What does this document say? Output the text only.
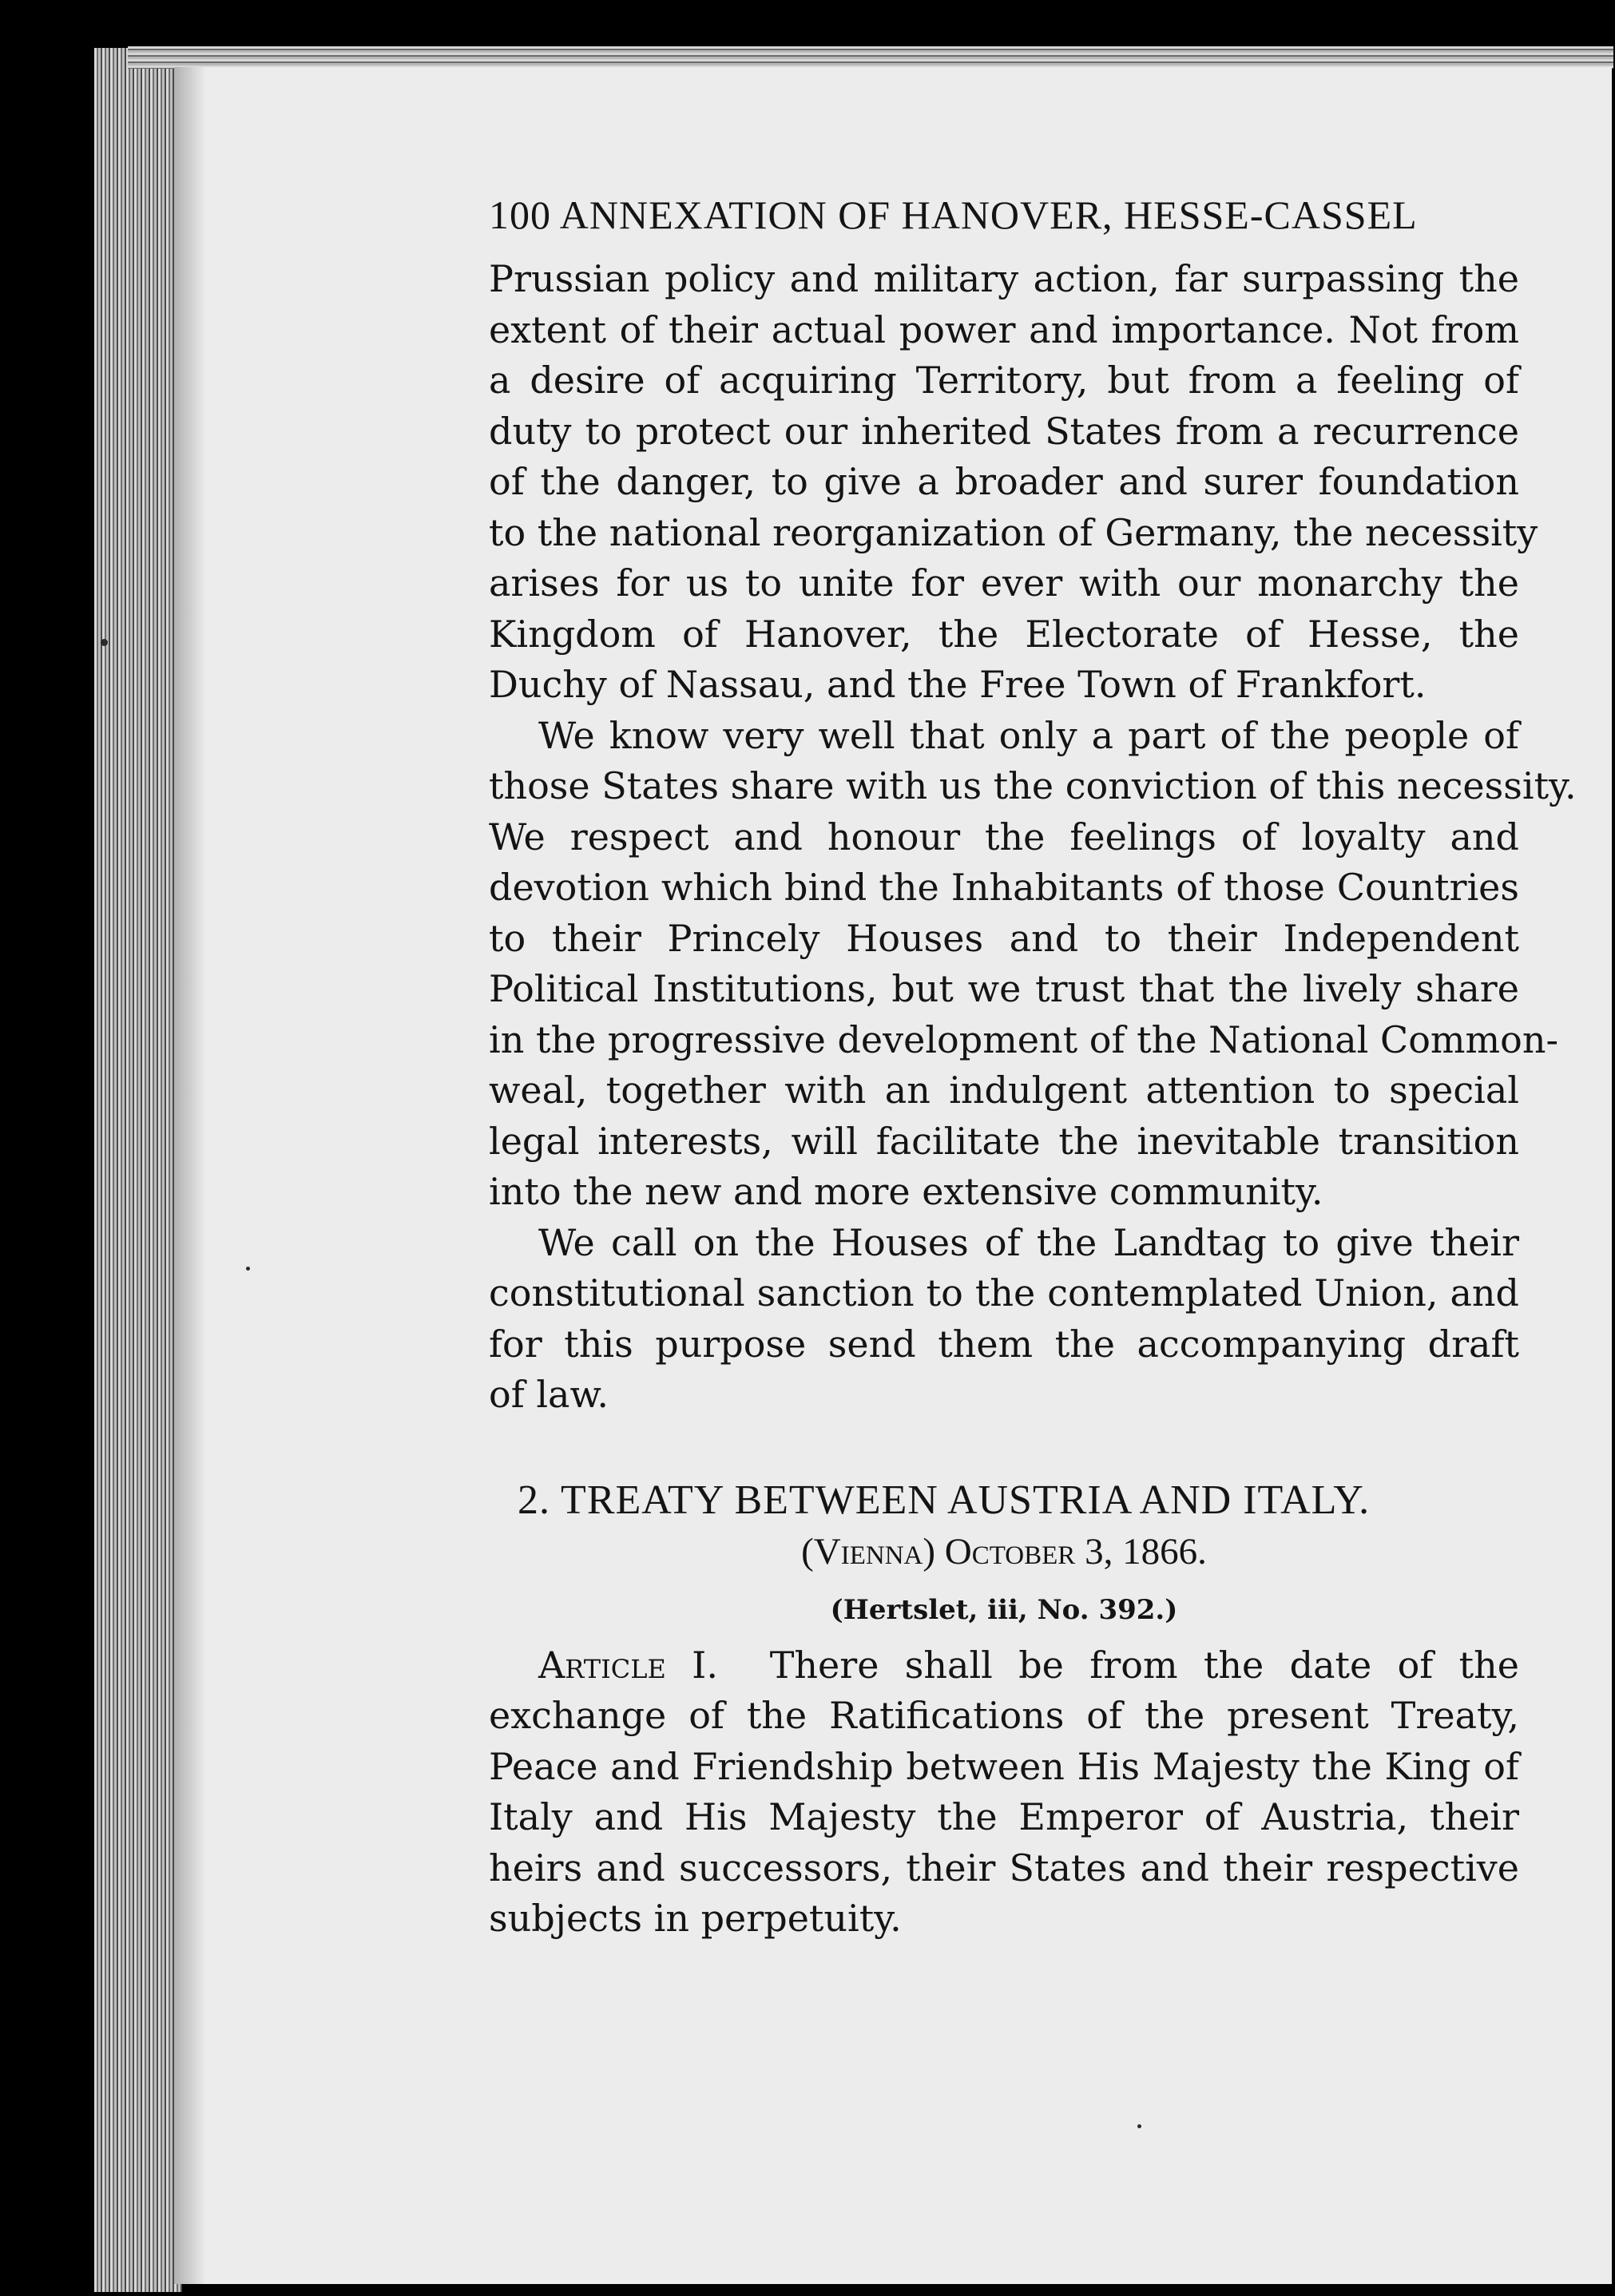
100 ANNEXATION OF HANOVER, HESSE-CASSEL
Prussian policy and military action, far surpassing the
extent of their actual power and importance. Not from
a desire of acquiring Territory, but from a feeling of
duty to protect our inherited States from a recurrence
of the danger, to give a broader and surer foundation
to the national reorganization of Germany, the necessity
arises for us to unite for ever with our monarchy the
Kingdom of Hanover, the Electorate of Hesse, the
Duchy of Nassau, and the Free Town of Frankfort.
We know very well that only a part of the people of
those States share with us the conviction of this necessity.
We respect and honour the feelings of loyalty and
devotion which bind the Inhabitants of those Countries
to their Princely Houses and to their Independent
Political Institutions, but we trust that the lively share
in the progressive development of the National Common-
weal, together with an indulgent attention to special
legal interests, will facilitate the inevitable transition
into the new and more extensive community.
We call on the Houses of the Landtag to give their
constitutional sanction to the contemplated Union, and
for this purpose send them the accompanying draft
of law.
2. TREATY BETWEEN AUSTRIA AND ITALY.
(Vienna) October 3, 1866.
(Hertslet, iii, No. 392.)
Article I. There shall be from the date of the
exchange of the Ratifications of the present Treaty,
Peace and Friendship between His Majesty the King of
Italy and His Majesty the Emperor of Austria, their
heirs and successors, their States and their respective
subjects in perpetuity.
